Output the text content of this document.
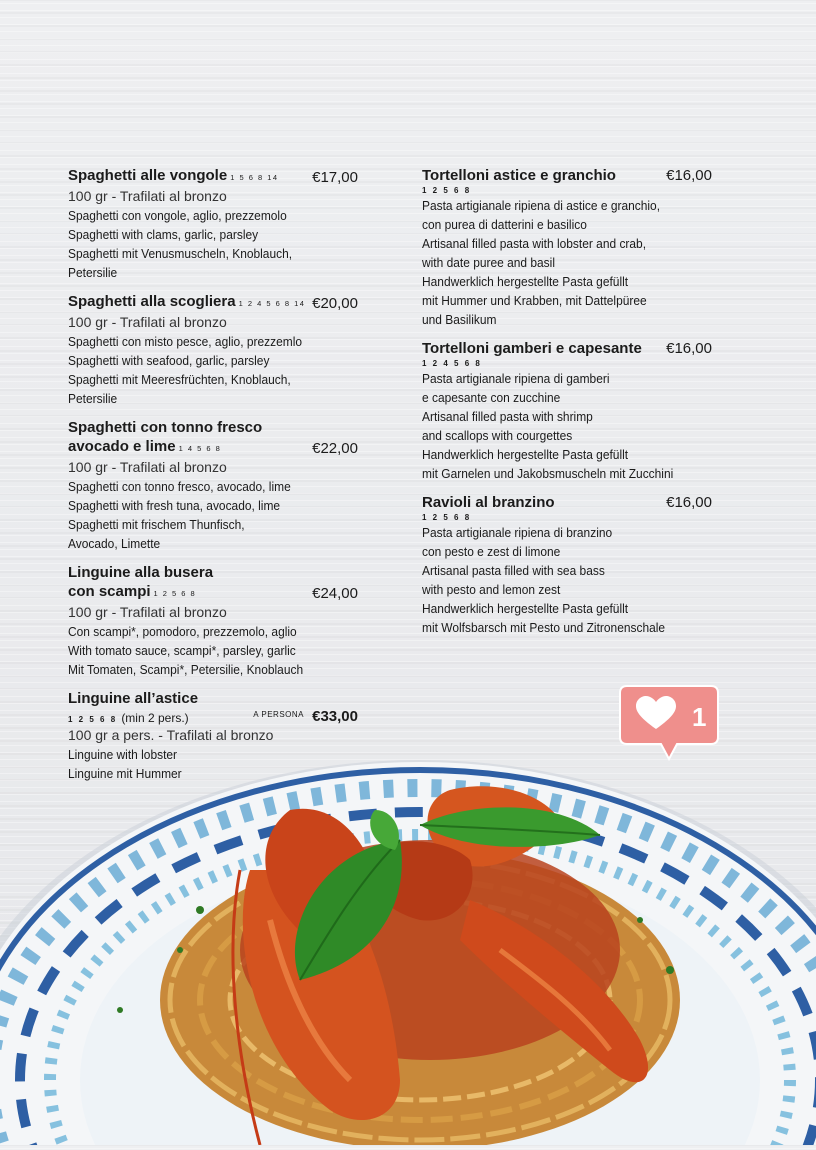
Spaghetti alle vongole 1 5 6 8 14 €17,00
100 gr - Trafilati al bronzo
Spaghetti con vongole, aglio, prezzemolo
Spaghetti with clams, garlic, parsley
Spaghetti mit Venusmuscheln, Knoblauch,
Petersilie
Spaghetti alla scogliera 1 2 4 5 6 8 14 €20,00
100 gr - Trafilati al bronzo
Spaghetti con misto pesce, aglio, prezzemlo
Spaghetti with seafood, garlic, parsley
Spaghetti mit Meeresfrüchten, Knoblauch,
Petersilie
Spaghetti con tonno fresco
avocado e lime 1 4 5 6 8	€22,00
100 gr - Trafilati al bronzo
Spaghetti con tonno fresco, avocado, lime
Spaghetti with fresh tuna, avocado, lime
Spaghetti mit frischem Thunfisch,
Avocado, Limette
Linguine alla busera
con scampi 1 2 5 6 8	€24,00
100 gr - Trafilati al bronzo
Con scampi*, pomodoro, prezzemolo, aglio
With tomato sauce, scampi*, parsley, garlic
Mit Tomaten, Scampi*, Petersilie, Knoblauch
Linguine all’astice
1 2 5 6 8 (min 2 pers.)	A PERSONA €33,00
100 gr a pers. - Trafilati al bronzo
Linguine with lobster
Linguine mit Hummer
Tortelloni astice e granchio	€16,00
1 2 5 6 8
Pasta artigianale ripiena di astice e granchio,
con purea di datterini e basilico
Artisanal filled pasta with lobster and crab,
with date puree and basil
Handwerklich hergestellte Pasta gefüllt
mit Hummer und Krabben, mit Dattelpüree
und Basilikum
Tortelloni gamberi e capesante €16,00
1 2 4 5 6 8
Pasta artigianale ripiena di gamberi
e capesante con zucchine
Artisanal filled pasta with shrimp
and scallops with courgettes
Handwerklich hergestellte Pasta gefüllt
mit Garnelen und Jakobsmuscheln mit Zucchini
Ravioli al branzino	€16,00
1 2 5 6 8
Pasta artigianale ripiena di branzino
con pesto e zest di limone
Artisanal pasta filled with sea bass
with pesto and lemon zest
Handwerklich hergestellte Pasta gefüllt
mit Wolfsbarsch mit Pesto und Zitronenschale
1
